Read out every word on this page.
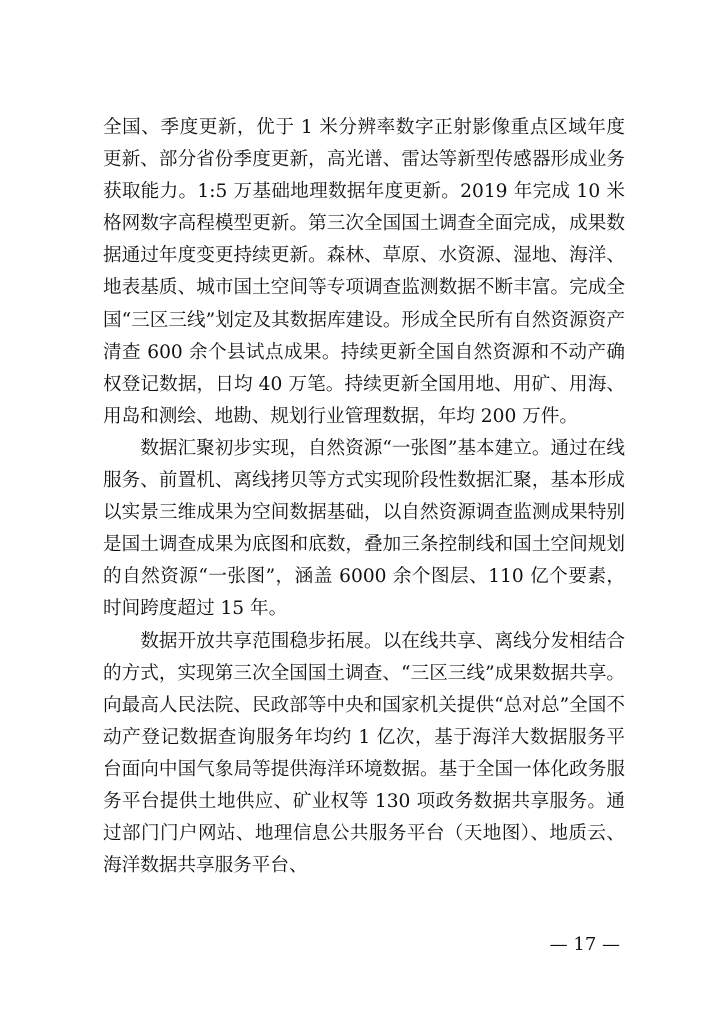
全国、季度更新，优于 1 米分辨率数字正射影像重点区域年度更新、部分省份季度更新，高光谱、雷达等新型传感器形成业务获取能力。1:5 万基础地理数据年度更新。2019 年完成 10 米格网数字高程模型更新。第三次全国国土调查全面完成，成果数据通过年度变更持续更新。森林、草原、水资源、湿地、海洋、地表基质、城市国土空间等专项调查监测数据不断丰富。完成全国“三区三线”划定及其数据库建设。形成全民所有自然资源资产清查 600 余个县试点成果。持续更新全国自然资源和不动产确权登记数据，日均 40 万笔。持续更新全国用地、用矿、用海、用岛和测绘、地勘、规划行业管理数据，年均 200 万件。

数据汇聚初步实现，自然资源“一张图”基本建立。通过在线服务、前置机、离线拷贝等方式实现阶段性数据汇聚，基本形成以实景三维成果为空间数据基础，以自然资源调查监测成果特别是国土调查成果为底图和底数，叠加三条控制线和国土空间规划的自然资源“一张图”，涵盖 6000 余个图层、110 亿个要素，时间跨度超过 15 年。

数据开放共享范围稳步拓展。以在线共享、离线分发相结合的方式，实现第三次全国国土调查、“三区三线”成果数据共享。向最高人民法院、民政部等中央和国家机关提供“总对总”全国不动产登记数据查询服务年均约 1 亿次，基于海洋大数据服务平台面向中国气象局等提供海洋环境数据。基于全国一体化政务服务平台提供土地供应、矿业权等 130 项政务数据共享服务。通过部门门户网站、地理信息公共服务平台（天地图）、地质云、海洋数据共享服务平台、

— 17 —
